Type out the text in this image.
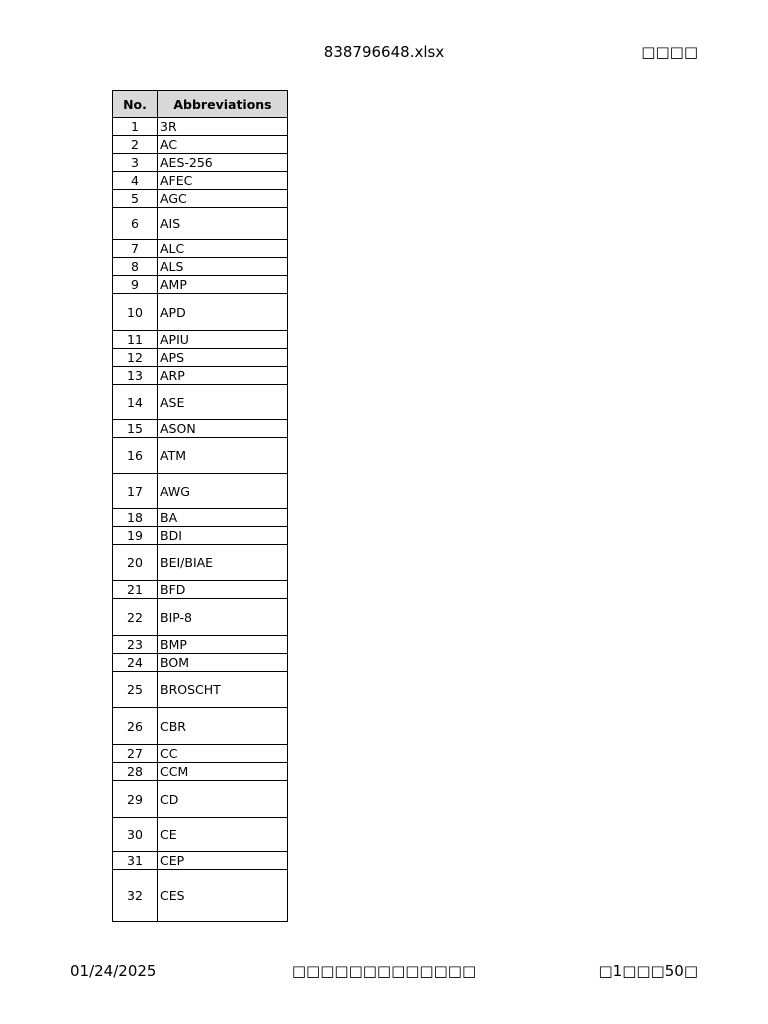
838796648.xlsx	□□□□
No.	Abbreviations
1	3R
2	AC
3	AES-256
4	AFEC
5	AGC
6	AIS
7	ALC
8	ALS
9	AMP
10	APD
11	APIU
12	APS
13	ARP
14	ASE
15	ASON
16	ATM
17	AWG
18	BA
19	BDI
20	BEI/BIAE
21	BFD
22	BIP-8
23	BMP
24	BOM
25	BROSCHT
26	CBR
27	CC
28	CCM
29	CD
30	CE
31	CEP
32	CES
01/24/2025	□□□□□□□□□□□□□	□1□□□50□
